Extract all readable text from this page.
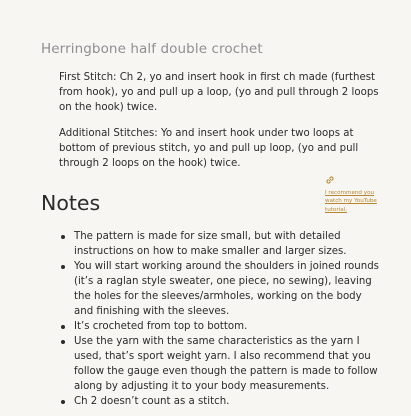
Herringbone half double crochet
First Stitch: Ch 2, yo and insert hook in first ch made (furthest from hook), yo and pull up a loop, (yo and pull through 2 loops on the hook) twice.
Additional Stitches: Yo and insert hook under two loops at bottom of previous stitch, yo and pull up loop, (yo and pull through 2 loops on the hook) twice.
Notes	I recommend you watch my YouTube tutorial.
The pattern is made for size small, but with detailed instructions on how to make smaller and larger sizes.
You will start working around the shoulders in joined rounds (it’s a raglan style sweater, one piece, no sewing), leaving the holes for the sleeves/armholes, working on the body and finishing with the sleeves.
It’s crocheted from top to bottom.
Use the yarn with the same characteristics as the yarn I used, that’s sport weight yarn. I also recommend that you follow the gauge even though the pattern is made to follow along by adjusting it to your body measurements.
Ch 2 doesn’t count as a stitch.
